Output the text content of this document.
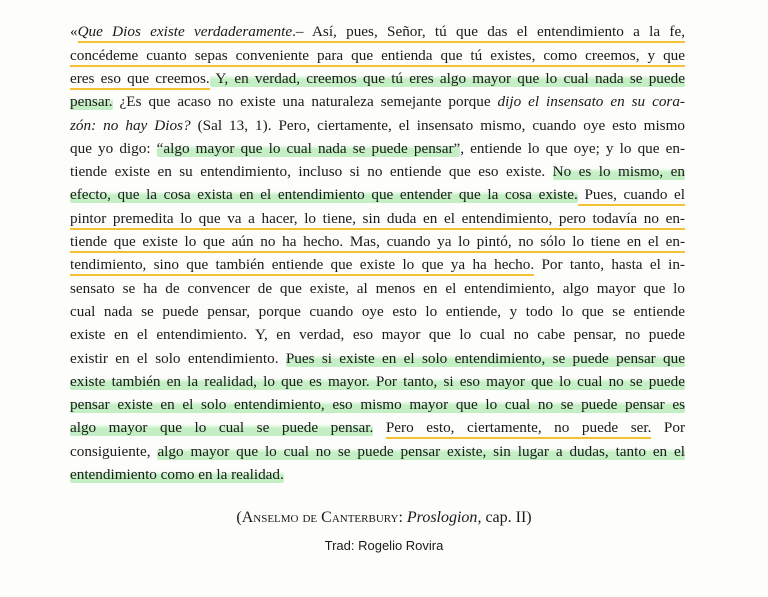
«Que Dios existe verdaderamente.– Así, pues, Señor, tú que das el entendimiento a la fe,
concédeme cuanto sepas conveniente para que entienda que tú existes, como creemos, y que
eres eso que creemos. Y, en verdad, creemos que tú eres algo mayor que lo cual nada se puede
pensar. ¿Es que acaso no existe una naturaleza semejante porque dijo el insensato en su cora-
zón: no hay Dios? (Sal 13, 1). Pero, ciertamente, el insensato mismo, cuando oye esto mismo
que yo digo: “algo mayor que lo cual nada se puede pensar”, entiende lo que oye; y lo que en-
tiende existe en su entendimiento, incluso si no entiende que eso existe. No es lo mismo, en
efecto, que la cosa exista en el entendimiento que entender que la cosa existe. Pues, cuando el
pintor premedita lo que va a hacer, lo tiene, sin duda en el entendimiento, pero todavía no en-
tiende que existe lo que aún no ha hecho. Mas, cuando ya lo pintó, no sólo lo tiene en el en-
tendimiento, sino que también entiende que existe lo que ya ha hecho. Por tanto, hasta el in-
sensato se ha de convencer de que existe, al menos en el entendimiento, algo mayor que lo
cual nada se puede pensar, porque cuando oye esto lo entiende, y todo lo que se entiende
existe en el entendimiento. Y, en verdad, eso mayor que lo cual no cabe pensar, no puede
existir en el solo entendimiento. Pues si existe en el solo entendimiento, se puede pensar que
existe también en la realidad, lo que es mayor. Por tanto, si eso mayor que lo cual no se puede
pensar existe en el solo entendimiento, eso mismo mayor que lo cual no se puede pensar es
algo mayor que lo cual se puede pensar. Pero esto, ciertamente, no puede ser. Por
consiguiente, algo mayor que lo cual no se puede pensar existe, sin lugar a dudas, tanto en el
entendimiento como en la realidad.
(Anselmo de Canterbury: Proslogion, cap. II)
Trad: Rogelio Rovira
